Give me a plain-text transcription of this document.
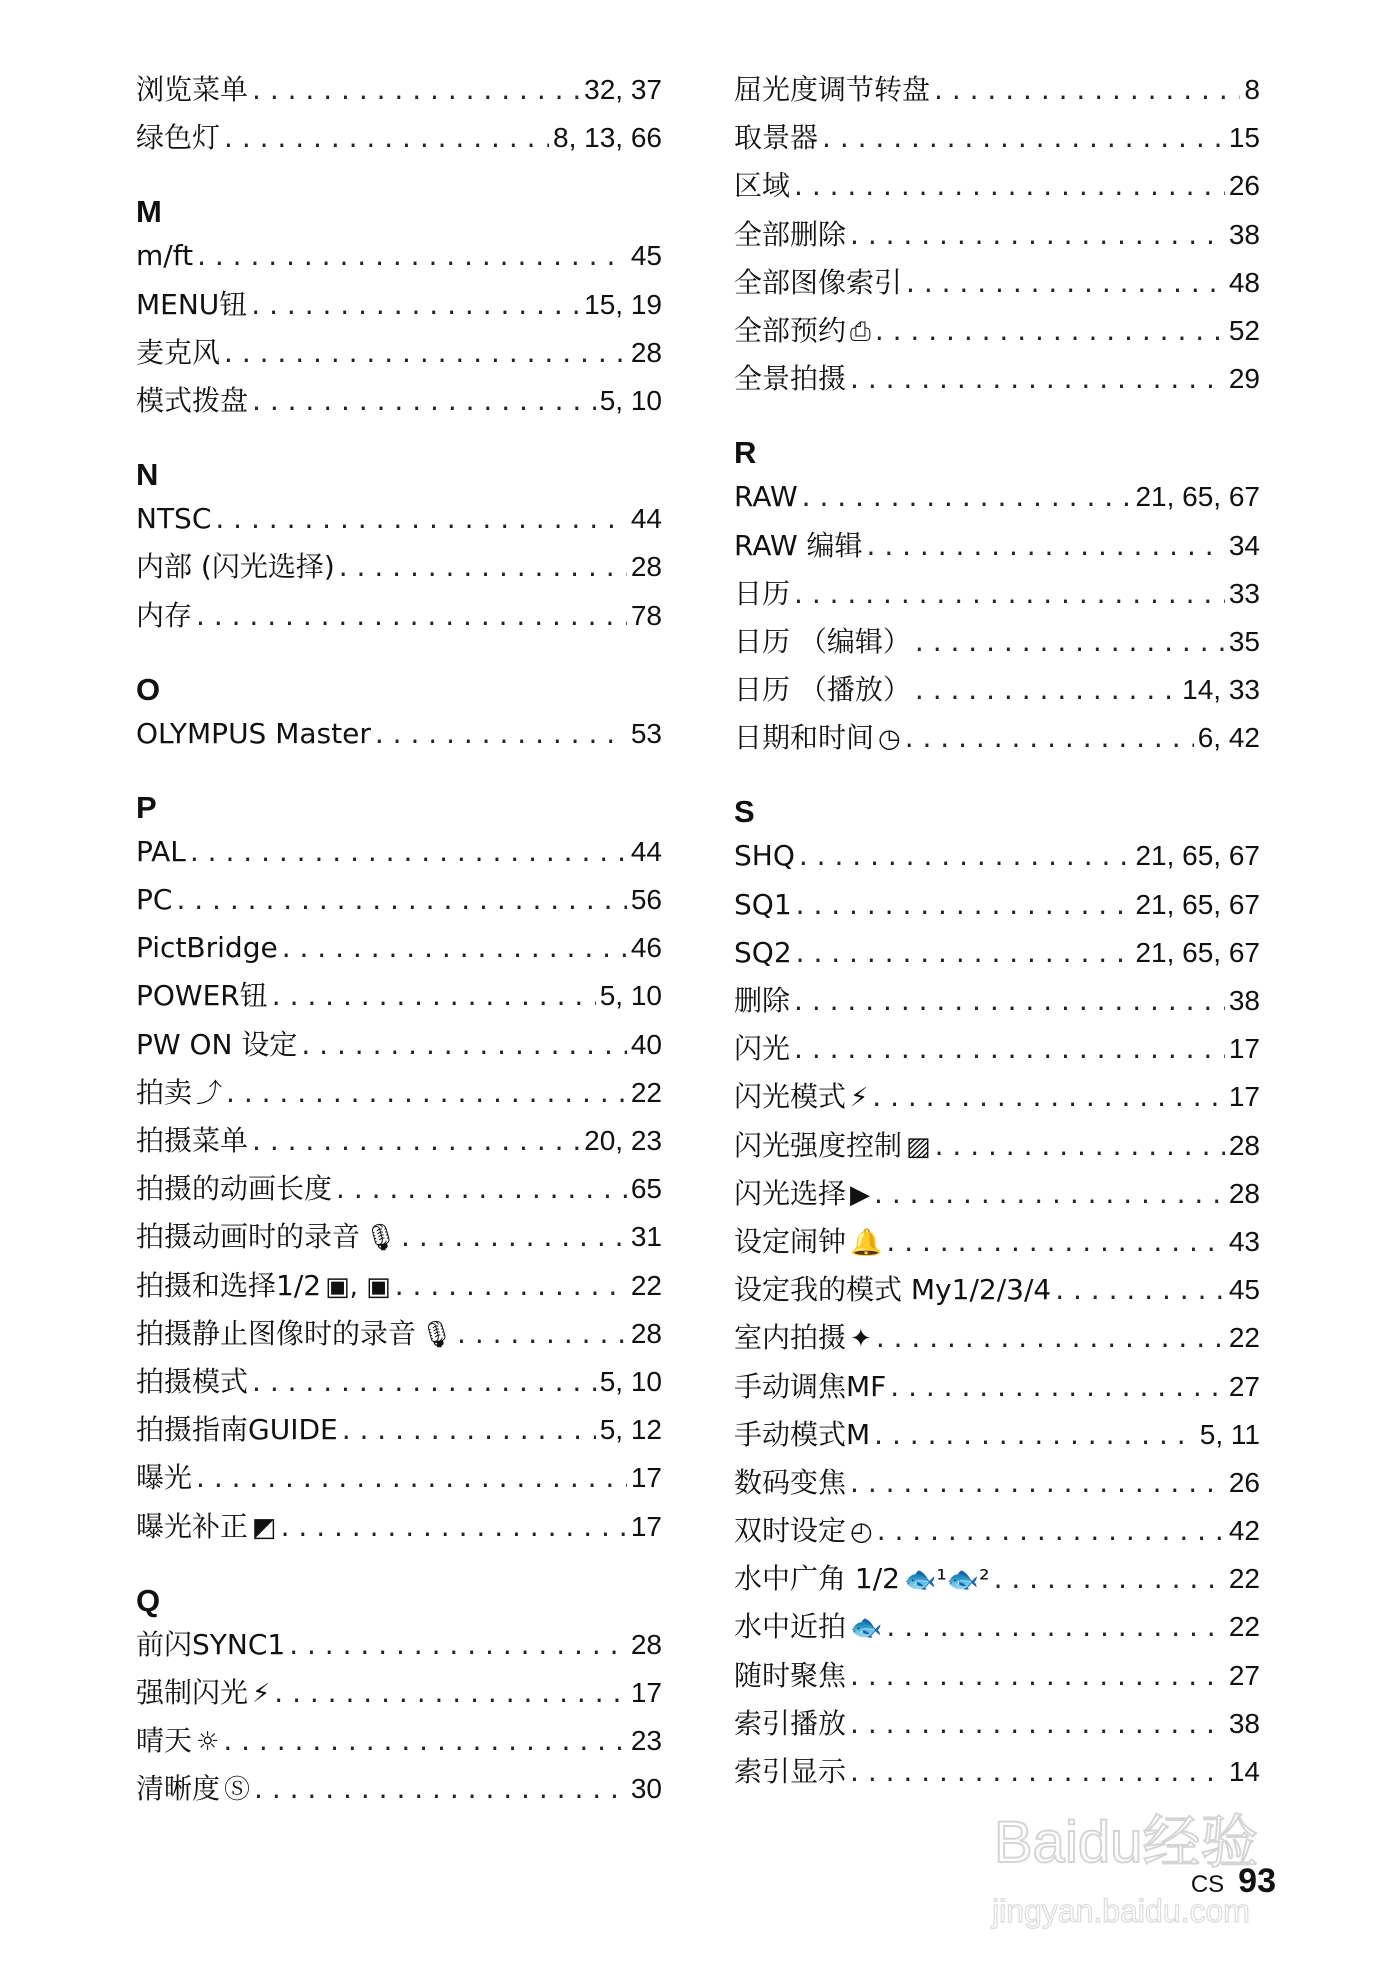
浏览菜单 . . .	32, 37
绿色灯 . . .	8, 13, 66
M
m/ft . . .	45
MENU钮 . . .	15, 19
麦克风 . . .	28
模式拨盘 . . .	5, 10
N
NTSC . . .	44
内部 (闪光选择) . . .	28
内存 . . .	78
O
OLYMPUS Master . . .	53
P
PAL . . .	44
PC . . .	56
PictBridge . . .	46
POWER钮 . . .	5, 10
PW ON 设定 . . .	40
拍卖 ⤴ . . .	22
拍摄菜单 . . .	20, 23
拍摄的动画长度 . . .	65
拍摄动画时的录音 🎙 . . .	31
拍摄和选择1/2 ▣, ▣ . . .	22
拍摄静止图像时的录音 🎙 . . .	28
拍摄模式 . . .	5, 10
拍摄指南GUIDE . . .	5, 12
曝光 . . .	17
曝光补正 ◩ . . .	17
Q
前闪SYNC1 . . .	28
强制闪光 ⚡ . . .	17
晴天 ☼ . . .	23
清晰度 Ⓢ . . .	30
屈光度调节转盘 . . .	8
取景器 . . .	15
区域 . . .	26
全部删除 . . .	38
全部图像索引 . . .	48
全部预约 ⎙ . . .	52
全景拍摄 . . .	29
R
RAW . . .	21, 65, 67
RAW 编辑 . . .	34
日历 . . .	33
日历 （编辑） . . .	35
日历 （播放） . . .	14, 33
日期和时间 ◷ . . .	6, 42
S
SHQ . . .	21, 65, 67
SQ1 . . .	21, 65, 67
SQ2 . . .	21, 65, 67
删除 . . .	38
闪光 . . .	17
闪光模式 ⚡ . . .	17
闪光强度控制 ▨ . . .	28
闪光选择 ▶ . . .	28
设定闹钟 🔔 . . .	43
设定我的模式 My1/2/3/4 . . .	45
室内拍摄 ✦ . . .	22
手动调焦MF . . .	27
手动模式M . . .	5, 11
数码变焦 . . .	26
双时设定 ◴ . . .	42
水中广角 1/2 🐟¹🐟² . . .	22
水中近拍 🐟 . . .	22
随时聚焦 . . .	27
索引播放 . . .	38
索引显示 . . .	14
CS 93
Baidu经验
jingyan.baidu.com
